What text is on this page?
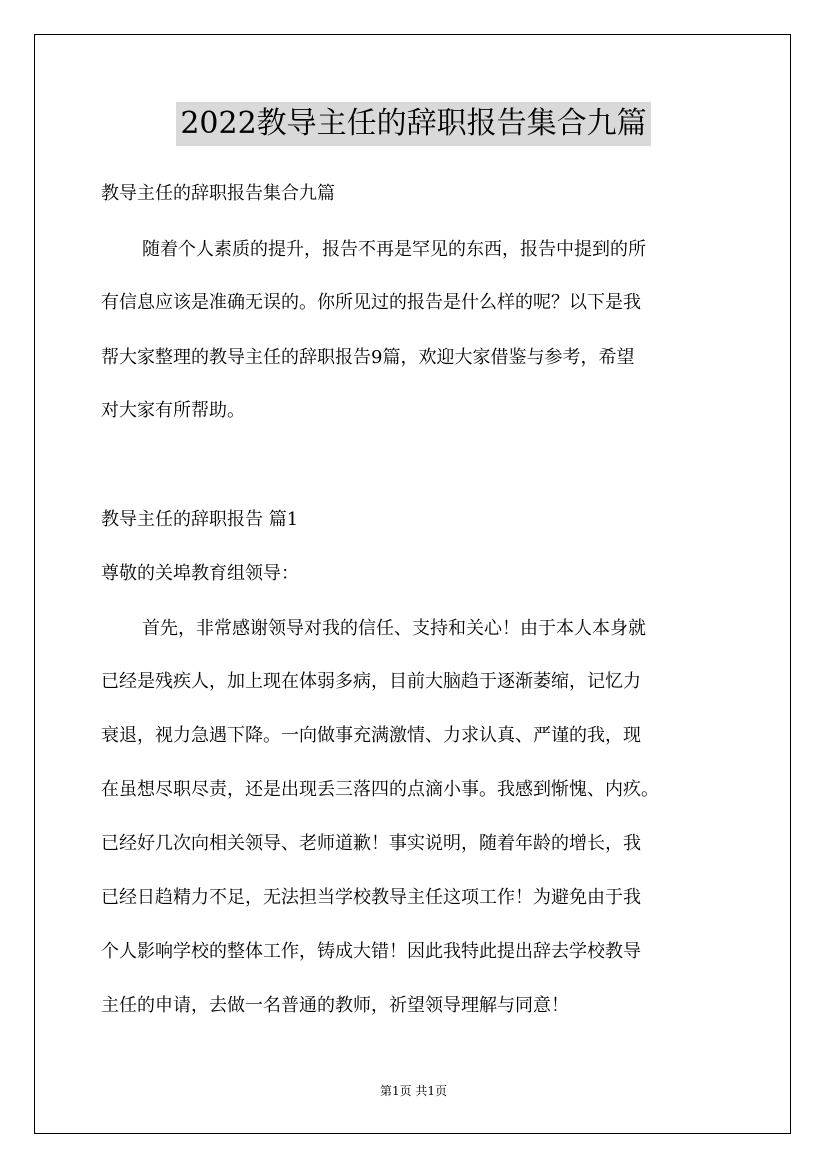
2022教导主任的辞职报告集合九篇
教导主任的辞职报告集合九篇
随着个人素质的提升，报告不再是罕见的东西，报告中提到的所
有信息应该是准确无误的。你所见过的报告是什么样的呢？以下是我
帮大家整理的教导主任的辞职报告9篇，欢迎大家借鉴与参考，希望
对大家有所帮助。
教导主任的辞职报告 篇1
尊敬的关埠教育组领导：
首先，非常感谢领导对我的信任、支持和关心！由于本人本身就
已经是残疾人，加上现在体弱多病，目前大脑趋于逐渐萎缩，记忆力
衰退，视力急遇下降。一向做事充满激情、力求认真、严谨的我，现
在虽想尽职尽责，还是出现丢三落四的点滴小事。我感到惭愧、内疚。
已经好几次向相关领导、老师道歉！事实说明，随着年龄的增长，我
已经日趋精力不足，无法担当学校教导主任这项工作！为避免由于我
个人影响学校的整体工作，铸成大错！因此我特此提出辞去学校教导
主任的申请，去做一名普通的教师，祈望领导理解与同意！
第1页 共1页
